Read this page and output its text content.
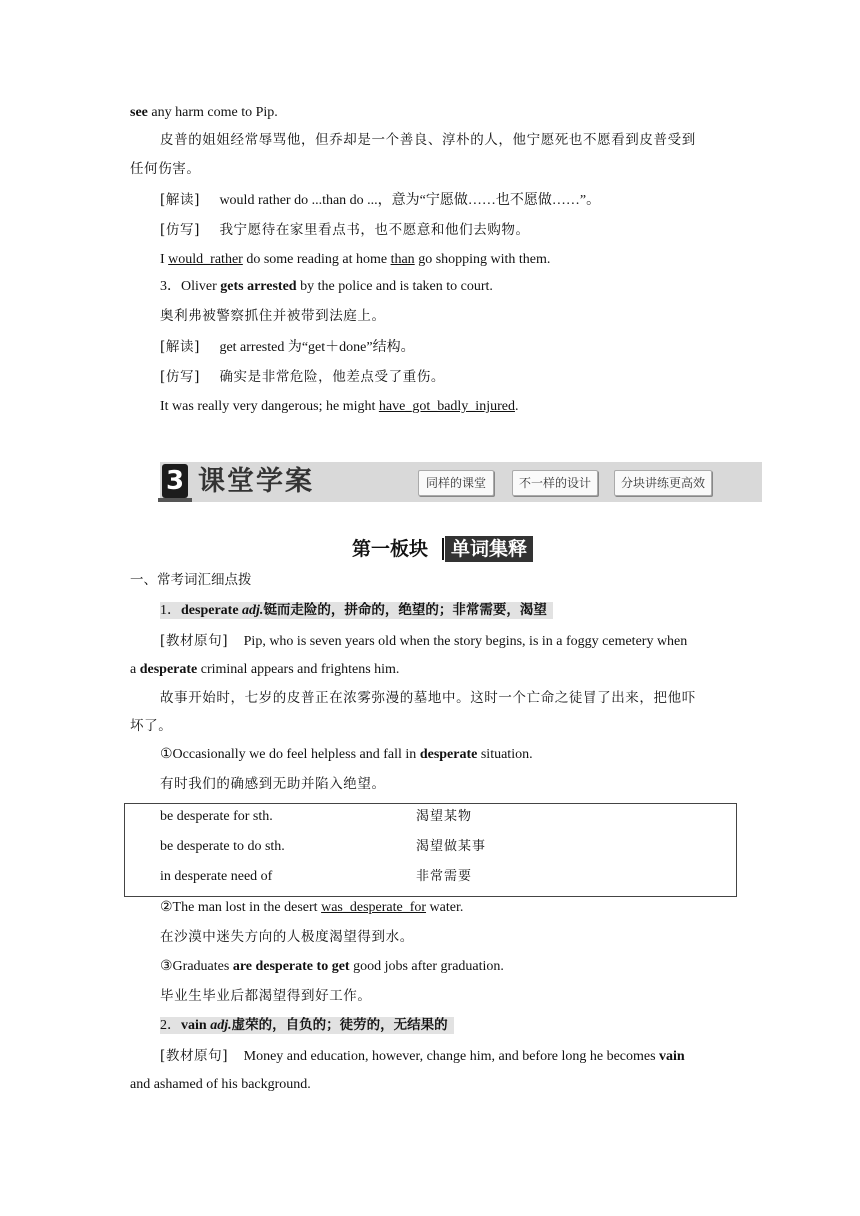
see any harm come to Pip.
皮普的姐姐经常辱骂他，但乔却是一个善良、淳朴的人，他宁愿死也不愿看到皮普受到
任何伤害。
[解读] would rather do ...than do ...，意为“宁愿做……也不愿做……”。
[仿写] 我宁愿待在家里看点书，也不愿意和他们去购物。
I would_rather do some reading at home than go shopping with them.
3．Oliver gets arrested by the police and is taken to court.
奥利弗被警察抓住并被带到法庭上。
[解读] get arrested 为“get＋done”结构。
[仿写] 确实是非常危险，他差点受了重伤。
It was really very dangerous; he might have_got_badly_injured.
3 课堂学案	同样的课堂	不一样的设计	分块讲练更高效
第一板块	单词集释
一、常考词汇细点拨
1．desperate adj.铤而走险的，拼命的，绝望的；非常需要，渴望
[教材原句] Pip, who is seven years old when the story begins, is in a foggy cemetery when
a desperate criminal appears and frightens him.
故事开始时，七岁的皮普正在浓雾弥漫的墓地中。这时一个亡命之徒冒了出来，把他吓
坏了。
①Occasionally we do feel helpless and fall in desperate situation.
有时我们的确感到无助并陷入绝望。
be desperate for sth.	渴望某物
be desperate to do sth.	渴望做某事
in desperate need of	非常需要
②The man lost in the desert was_desperate_for water.
在沙漠中迷失方向的人极度渴望得到水。
③Graduates are desperate to get good jobs after graduation.
毕业生毕业后都渴望得到好工作。
2．vain adj.虚荣的，自负的；徒劳的，无结果的
[教材原句] Money and education, however, change him, and before long he becomes vain
and ashamed of his background.
